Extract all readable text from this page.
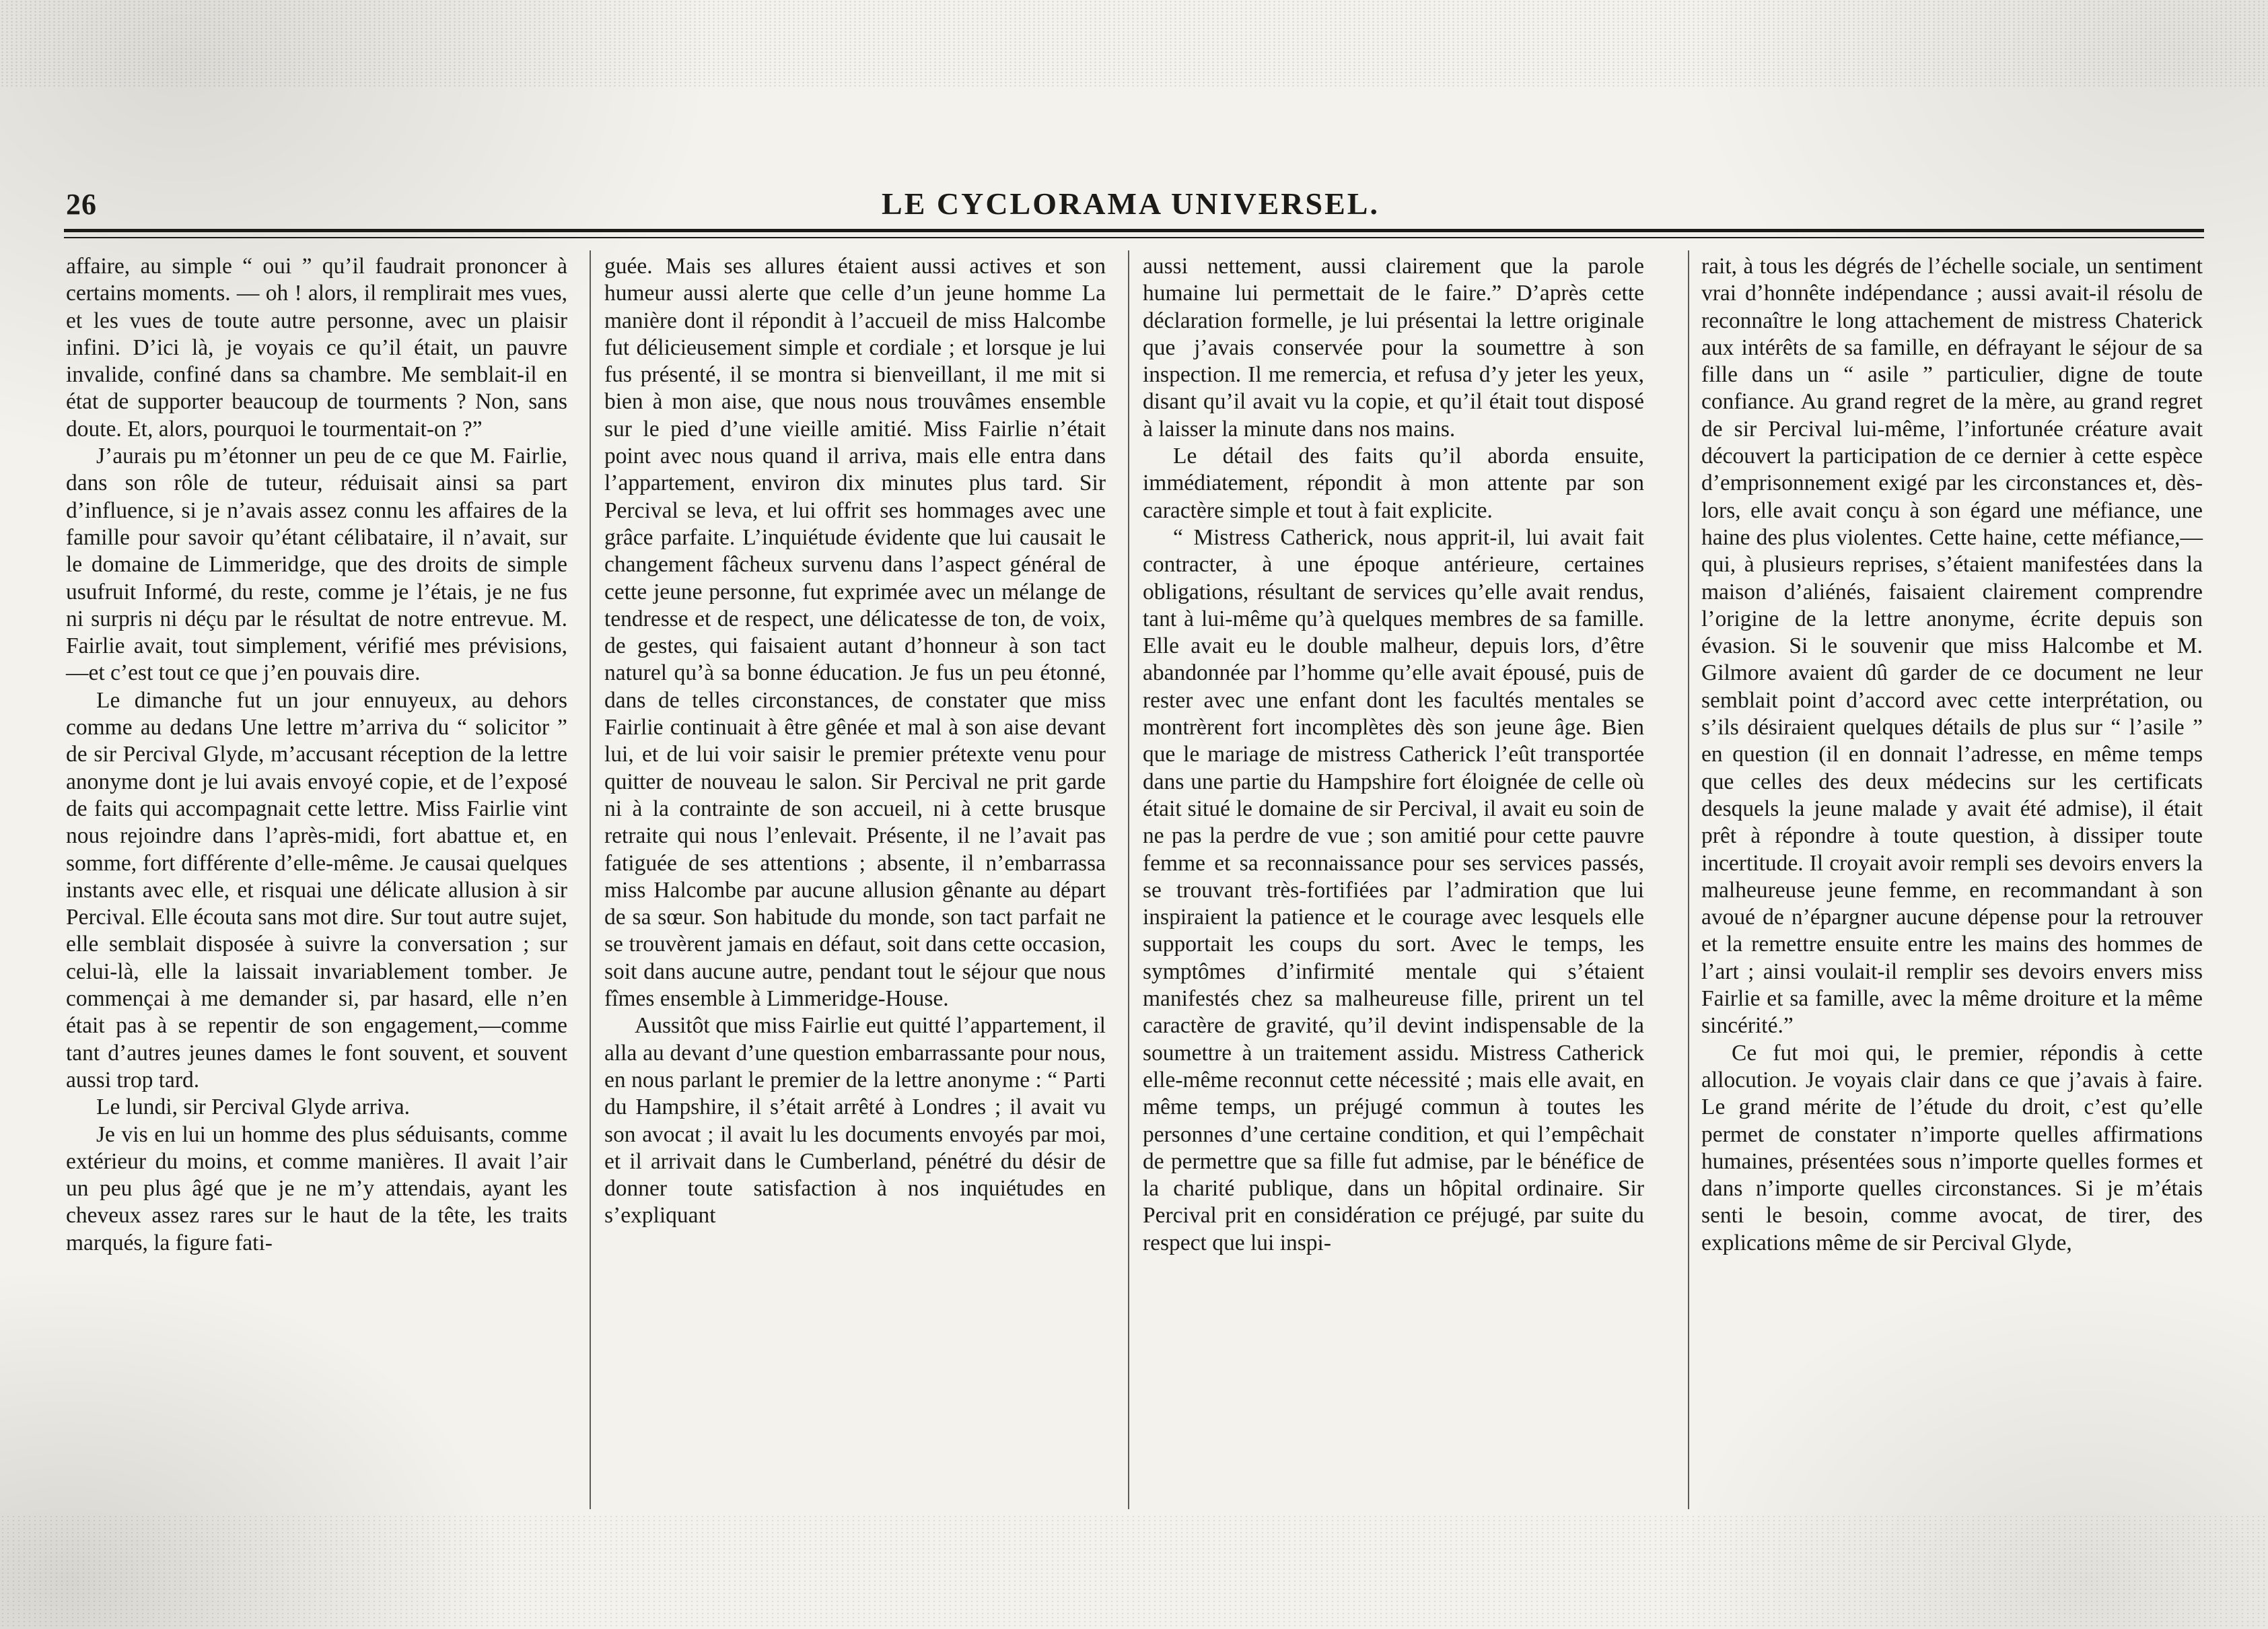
26	LE CYCLORAMA UNIVERSEL.

affaire, au simple “ oui ” qu’il faudrait prononcer à certains moments. — oh ! alors, il remplirait mes vues, et les vues de toute autre personne, avec un plaisir infini. D’ici là, je voyais ce qu’il était, un pauvre invalide, confiné dans sa chambre. Me semblait-il en état de supporter beaucoup de tourments ? Non, sans doute. Et, alors, pourquoi le tourmentait-on ?”

J’aurais pu m’étonner un peu de ce que M. Fairlie, dans son rôle de tuteur, réduisait ainsi sa part d’influence, si je n’avais assez connu les affaires de la famille pour savoir qu’étant célibataire, il n’avait, sur le domaine de Limmeridge, que des droits de simple usufruit Informé, du reste, comme je l’étais, je ne fus ni surpris ni déçu par le résultat de notre entrevue. M. Fairlie avait, tout simplement, vérifié mes prévisions,—et c’est tout ce que j’en pouvais dire.

Le dimanche fut un jour ennuyeux, au dehors comme au dedans Une lettre m’arriva du “ solicitor ” de sir Percival Glyde, m’accusant réception de la lettre anonyme dont je lui avais envoyé copie, et de l’exposé de faits qui accompagnait cette lettre. Miss Fairlie vint nous rejoindre dans l’après-midi, fort abattue et, en somme, fort différente d’elle-même. Je causai quelques instants avec elle, et risquai une délicate allusion à sir Percival. Elle écouta sans mot dire. Sur tout autre sujet, elle semblait disposée à suivre la conversation ; sur celui-là, elle la laissait invariablement tomber. Je commençai à me demander si, par hasard, elle n’en était pas à se repentir de son engagement,—comme tant d’autres jeunes dames le font souvent, et souvent aussi trop tard.

Le lundi, sir Percival Glyde arriva.

Je vis en lui un homme des plus séduisants, comme extérieur du moins, et comme manières. Il avait l’air un peu plus âgé que je ne m’y attendais, ayant les cheveux assez rares sur le haut de la tête, les traits marqués, la figure fati-

guée. Mais ses allures étaient aussi actives et son humeur aussi alerte que celle d’un jeune homme La manière dont il répondit à l’accueil de miss Halcombe fut délicieusement simple et cordiale ; et lorsque je lui fus présenté, il se montra si bienveillant, il me mit si bien à mon aise, que nous nous trouvâmes ensemble sur le pied d’une vieille amitié. Miss Fairlie n’était point avec nous quand il arriva, mais elle entra dans l’appartement, environ dix minutes plus tard. Sir Percival se leva, et lui offrit ses hommages avec une grâce parfaite. L’inquiétude évidente que lui causait le changement fâcheux survenu dans l’aspect général de cette jeune personne, fut exprimée avec un mélange de tendresse et de respect, une délicatesse de ton, de voix, de gestes, qui faisaient autant d’honneur à son tact naturel qu’à sa bonne éducation. Je fus un peu étonné, dans de telles circonstances, de constater que miss Fairlie continuait à être gênée et mal à son aise devant lui, et de lui voir saisir le premier prétexte venu pour quitter de nouveau le salon. Sir Percival ne prit garde ni à la contrainte de son accueil, ni à cette brusque retraite qui nous l’enlevait. Présente, il ne l’avait pas fatiguée de ses attentions ; absente, il n’embarrassa miss Halcombe par aucune allusion gênante au départ de sa sœur. Son habitude du monde, son tact parfait ne se trouvèrent jamais en défaut, soit dans cette occasion, soit dans aucune autre, pendant tout le séjour que nous fîmes ensemble à Limmeridge-House.

Aussitôt que miss Fairlie eut quitté l’appartement, il alla au devant d’une question embarrassante pour nous, en nous parlant le premier de la lettre anonyme : “ Parti du Hampshire, il s’était arrêté à Londres ; il avait vu son avocat ; il avait lu les documents envoyés par moi, et il arrivait dans le Cumberland, pénétré du désir de donner toute satisfaction à nos inquiétudes en s’expliquant

aussi nettement, aussi clairement que la parole humaine lui permettait de le faire.” D’après cette déclaration formelle, je lui présentai la lettre originale que j’avais conservée pour la soumettre à son inspection. Il me remercia, et refusa d’y jeter les yeux, disant qu’il avait vu la copie, et qu’il était tout disposé à laisser la minute dans nos mains.

Le détail des faits qu’il aborda ensuite, immédiatement, répondit à mon attente par son caractère simple et tout à fait explicite.

“ Mistress Catherick, nous apprit-il, lui avait fait contracter, à une époque antérieure, certaines obligations, résultant de services qu’elle avait rendus, tant à lui-même qu’à quelques membres de sa famille. Elle avait eu le double malheur, depuis lors, d’être abandonnée par l’homme qu’elle avait épousé, puis de rester avec une enfant dont les facultés mentales se montrèrent fort incomplètes dès son jeune âge. Bien que le mariage de mistress Catherick l’eût transportée dans une partie du Hampshire fort éloignée de celle où était situé le domaine de sir Percival, il avait eu soin de ne pas la perdre de vue ; son amitié pour cette pauvre femme et sa reconnaissance pour ses services passés, se trouvant très-fortifiées par l’admiration que lui inspiraient la patience et le courage avec lesquels elle supportait les coups du sort. Avec le temps, les symptômes d’infirmité mentale qui s’étaient manifestés chez sa malheureuse fille, prirent un tel caractère de gravité, qu’il devint indispensable de la soumettre à un traitement assidu. Mistress Catherick elle-même reconnut cette nécessité ; mais elle avait, en même temps, un préjugé commun à toutes les personnes d’une certaine condition, et qui l’empêchait de permettre que sa fille fut admise, par le bénéfice de la charité publique, dans un hôpital ordinaire. Sir Percival prit en considération ce préjugé, par suite du respect que lui inspi-

rait, à tous les dégrés de l’échelle sociale, un sentiment vrai d’honnête indépendance ; aussi avait-il résolu de reconnaître le long attachement de mistress Chaterick aux intérêts de sa famille, en défrayant le séjour de sa fille dans un “ asile ” particulier, digne de toute confiance. Au grand regret de la mère, au grand regret de sir Percival lui-même, l’infortunée créature avait découvert la participation de ce dernier à cette espèce d’emprisonnement exigé par les circonstances et, dès-lors, elle avait conçu à son égard une méfiance, une haine des plus violentes. Cette haine, cette méfiance,— qui, à plusieurs reprises, s’étaient manifestées dans la maison d’aliénés, faisaient clairement comprendre l’origine de la lettre anonyme, écrite depuis son évasion. Si le souvenir que miss Halcombe et M. Gilmore avaient dû garder de ce document ne leur semblait point d’accord avec cette interprétation, ou s’ils désiraient quelques détails de plus sur “ l’asile ” en question (il en donnait l’adresse, en même temps que celles des deux médecins sur les certificats desquels la jeune malade y avait été admise), il était prêt à répondre à toute question, à dissiper toute incertitude. Il croyait avoir rempli ses devoirs envers la malheureuse jeune femme, en recommandant à son avoué de n’épargner aucune dépense pour la retrouver et la remettre ensuite entre les mains des hommes de l’art ; ainsi voulait-il remplir ses devoirs envers miss Fairlie et sa famille, avec la même droiture et la même sincérité.”

Ce fut moi qui, le premier, répondis à cette allocution. Je voyais clair dans ce que j’avais à faire. Le grand mérite de l’étude du droit, c’est qu’elle permet de constater n’importe quelles affirmations humaines, présentées sous n’importe quelles formes et dans n’importe quelles circonstances. Si je m’étais senti le besoin, comme avocat, de tirer, des explications même de sir Percival Glyde,
